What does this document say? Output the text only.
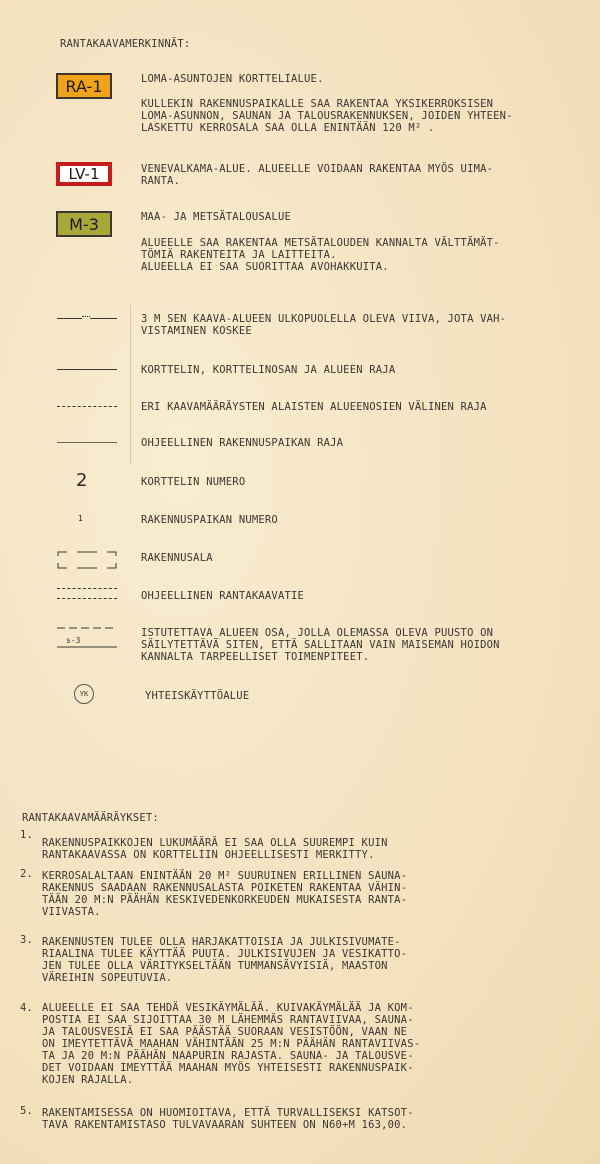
RANTAKAAVAMERKINNÄT:
RA-1	LOMA-ASUNTOJEN KORTTELIALUE.
KULLEKIN RAKENNUSPAIKALLE SAA RAKENTAA YKSIKERROKSISEN
LOMA-ASUNNON, SAUNAN JA TALOUSRAKENNUKSEN, JOIDEN YHTEEN-
LASKETTU KERROSALA SAA OLLA ENINTÄÄN 120 M² .
LV-1	VENEVALKAMA-ALUE. ALUEELLE VOIDAAN RAKENTAA MYÖS UIMA-
RANTA.
M-3	MAA- JA METSÄTALOUSALUE
ALUEELLE SAA RAKENTAA METSÄTALOUDEN KANNALTA VÄLTTÄMÄT-
TÖMIÄ RAKENTEITA JA LAITTEITA.
ALUEELLA EI SAA SUORITTAA AVOHAKKUITA.
3 M SEN KAAVA-ALUEEN ULKOPUOLELLA OLEVA VIIVA, JOTA VAH-
VISTAMINEN KOSKEE
KORTTELIN, KORTTELINOSAN JA ALUEEN RAJA
ERI KAAVAMÄÄRÄYSTEN ALAISTEN ALUEENOSIEN VÄLINEN RAJA
OHJEELLINEN RAKENNUSPAIKAN RAJA
2	KORTTELIN NUMERO
1	RAKENNUSPAIKAN NUMERO
RAKENNUSALA
OHJEELLINEN RANTAKAAVATIE
s-3
ISTUTETTAVA ALUEEN OSA, JOLLA OLEMASSA OLEVA PUUSTO ON
SÄILYTETTÄVÄ SITEN, ETTÄ SALLITAAN VAIN MAISEMAN HOIDON
KANNALTA TARPEELLISET TOIMENPITEET.
YK	YHTEISKÄYTTÖALUE
RANTAKAAVAMÄÄRÄYKSET:
1.
RAKENNUSPAIKKOJEN LUKUMÄÄRÄ EI SAA OLLA SUUREMPI KUIN
RANTAKAAVASSA ON KORTTELIIN OHJEELLISESTI MERKITTY.
2. KERROSALALTAAN ENINTÄÄN 20 M² SUURUINEN ERILLINEN SAUNA-
RAKENNUS SAADAAN RAKENNUSALASTA POIKETEN RAKENTAA VÄHIN-
TÄÄN 20 M:N PÄÄHÄN KESKIVEDENKORKEUDEN MUKAISESTA RANTA-
VIIVASTA.
3. RAKENNUSTEN TULEE OLLA HARJAKATTOISIA JA JULKISIVUMATE-
RIAALINA TULEE KÄYTTÄÄ PUUTA. JULKISIVUJEN JA VESIKATTO-
JEN TULEE OLLA VÄRITYKSELTÄÄN TUMMANSÄVYISIÄ, MAASTON
VÄREIHIN SOPEUTUVIA.
4. ALUEELLE EI SAA TEHDÄ VESIKÄYMÄLÄÄ. KUIVAKÄYMÄLÄÄ JA KOM-
POSTIA EI SAA SIJOITTAA 30 M LÄHEMMÄS RANTAVIIVAA, SAUNA-
JA TALOUSVESIÄ EI SAA PÄÄSTÄÄ SUORAAN VESISTÖÖN, VAAN NE
ON IMEYTETTÄVÄ MAAHAN VÄHINTÄÄN 25 M:N PÄÄHÄN RANTAVIIVAS-
TA JA 20 M:N PÄÄHÄN NAAPURIN RAJASTA. SAUNA- JA TALOUSVE-
DET VOIDAAN IMEYTTÄÄ MAAHAN MYÖS YHTEISESTI RAKENNUSPAIK-
KOJEN RAJALLA.
5. RAKENTAMISESSA ON HUOMIOITAVA, ETTÄ TURVALLISEKSI KATSOT-
TAVA RAKENTAMISTASO TULVAVAARAN SUHTEEN ON N60+M 163,00.
